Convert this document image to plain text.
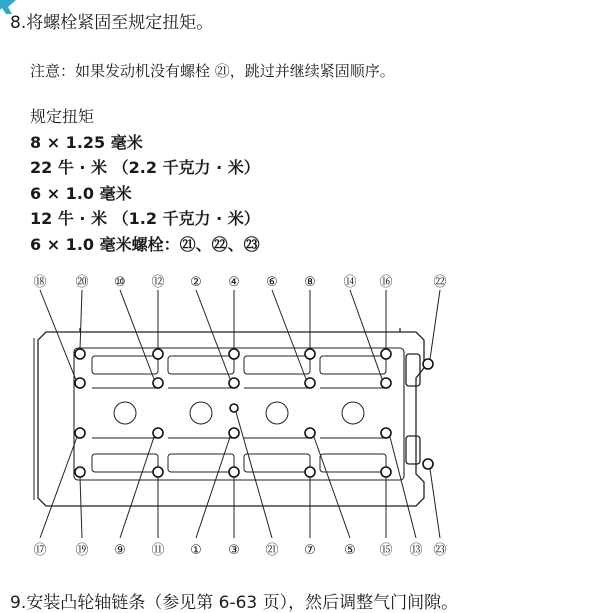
8.将螺栓紧固至规定扭矩。
注意：如果发动机没有螺栓 ㉑，跳过并继续紧固顺序。
规定扭矩
8 × 1.25 毫米
22 牛 · 米 （2.2 千克力 · 米）
6 × 1.0 毫米
12 牛 · 米 （1.2 千克力 · 米）
6 × 1.0 毫米螺栓：㉑、㉒、㉓
⑱ ⑳ ⑩ ⑫ ② ④ ⑥ ⑧ ⑭ ⑯	㉒
⑰ ⑲ ⑨ ⑪ ① ③ ㉑ ⑦ ⑤ ⑮ ⑬ ㉓
9.安装凸轮轴链条（参见第 6-63 页），然后调整气门间隙。
